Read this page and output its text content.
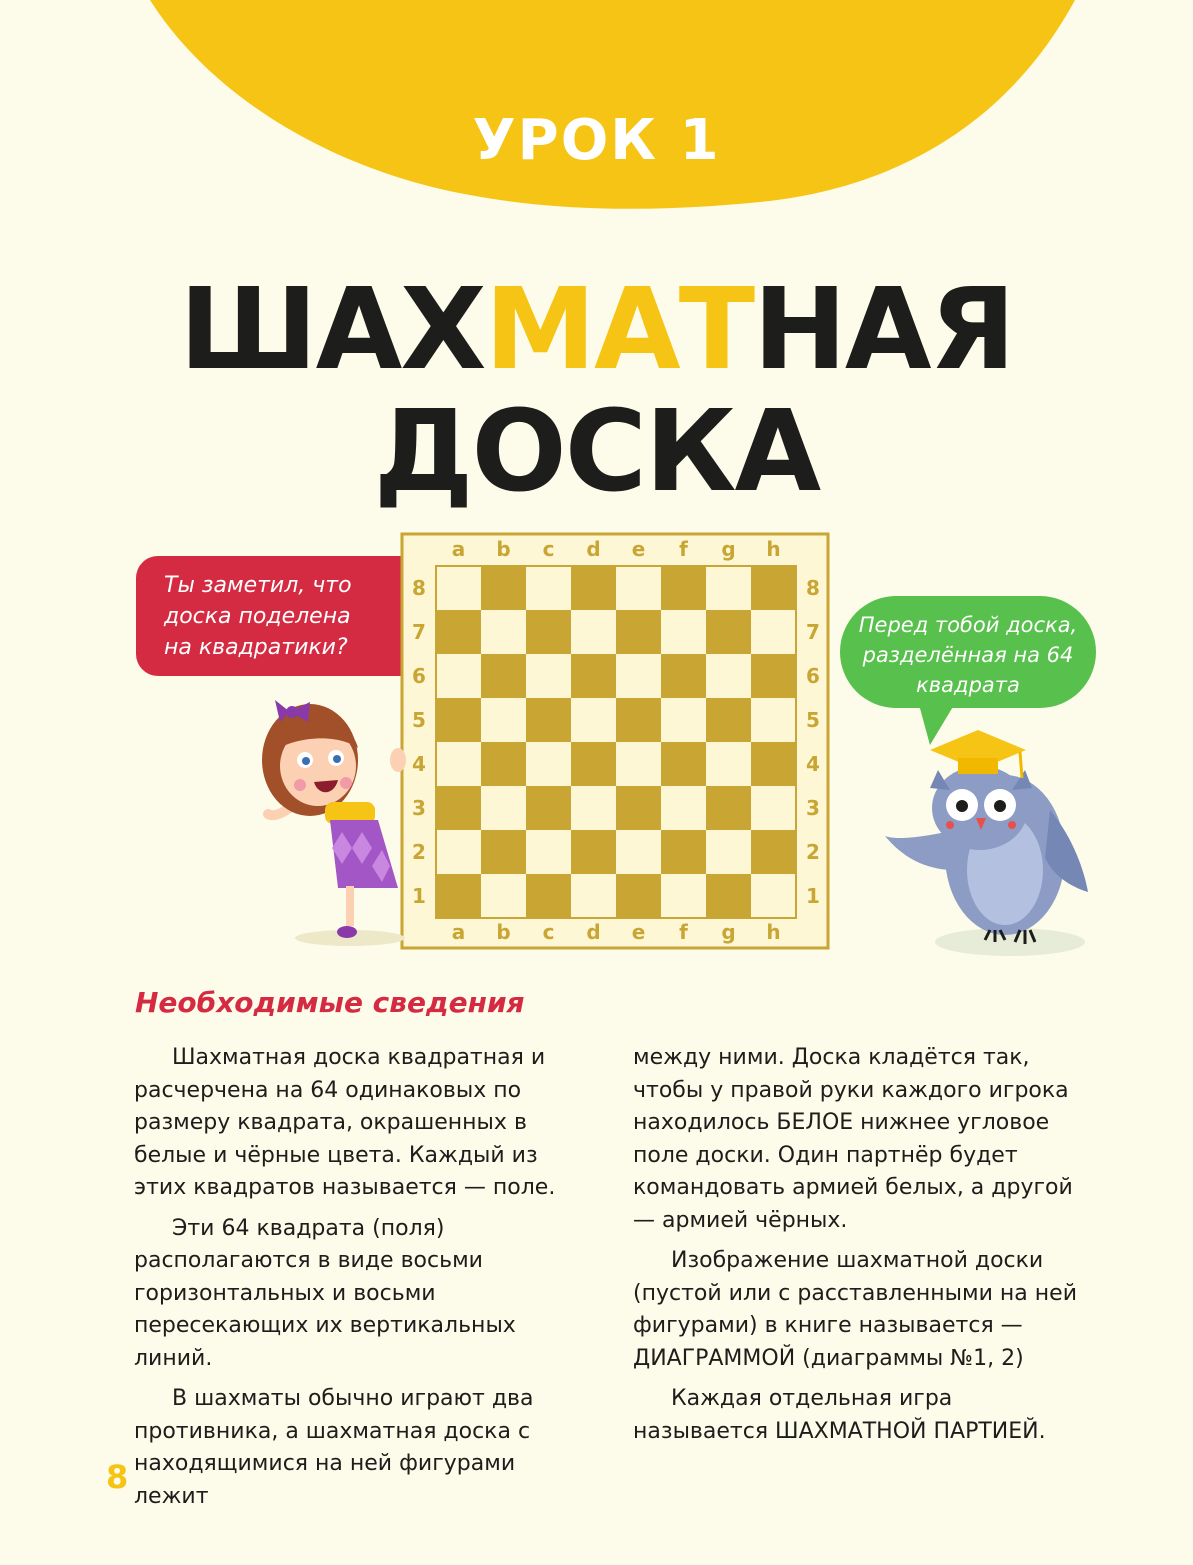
УРОК 1
ШАХМАТНАЯ
ДОСКА
Ты заметил, что
доска поделена
на квадратики?
Перед тобой доска,
разделённая на 64
квадрата
a
a
b
b
c
c
d
d
e
e
f
f
g
g
h
h
8	8
7	7
6	6
5	5
4	4
3	3
2	2
1	1
Необходимые сведения

Шахматная доска квадратная и расчерчена на 64 одинаковых по размеру квадрата, окрашенных в белые и чёрные цвета. Каждый из этих квадратов называется — поле.

Эти 64 квадрата (поля) располагаются в виде восьми горизонтальных и восьми пересекающих их вертикальных линий.

В шахматы обычно играют два противника, а шахматная доска с находящимися на ней фигурами лежит

между ними. Доска кладётся так, чтобы у правой руки каждого игрока находилось БЕЛОЕ нижнее угловое поле доски. Один партнёр будет командовать армией белых, а другой — армией чёрных.

Изображение шахматной доски (пустой или с расставленными на ней фигурами) в книге называется — ДИАГРАММОЙ (диаграммы №1, 2)

Каждая отдельная игра называется ШАХМАТНОЙ ПАРТИЕЙ.

8
